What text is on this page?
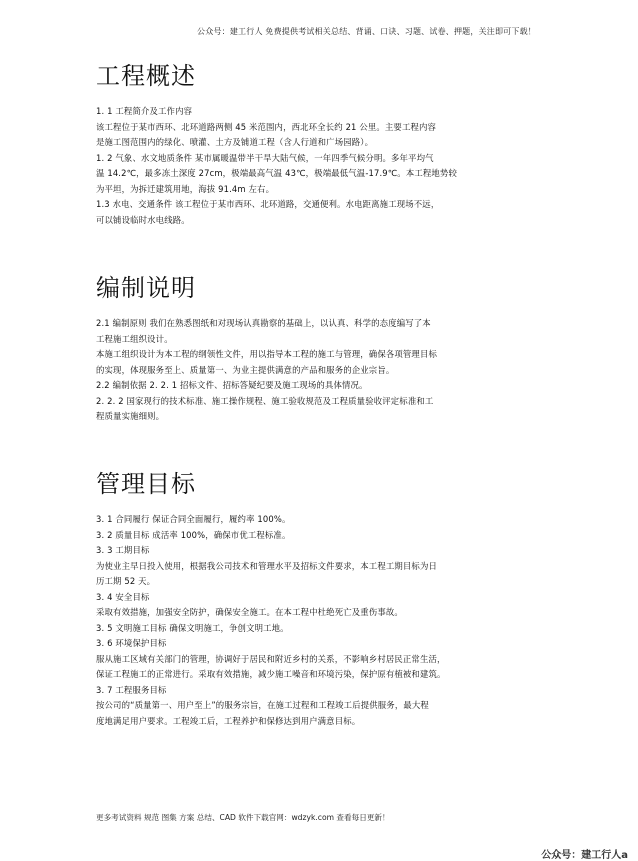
公众号：建工行人 免费提供考试相关总结、背诵、口诀、习题、试卷、押题，关注即可下载！
工程概述
1. 1 工程简介及工作内容
该工程位于某市西环、北环道路两侧 45 米范围内，西北环全长约 21 公里。主要工程内容
是施工图范围内的绿化、喷灌、土方及铺道工程（含人行道和广场园路）。
1. 2 气象、水文地质条件 某市属暖温带半干旱大陆气候，一年四季气候分明。多年平均气
温 14.2℃，最多冻土深度 27cm，极端最高气温 43℃，极端最低气温-17.9℃。本工程地势较
为平坦，为拆迁建筑用地，海拔 91.4m 左右。
1.3 水电、交通条件 该工程位于某市西环、北环道路，交通便利。水电距离施工现场不远，
可以铺设临时水电线路。
编制说明
2.1 编制原则 我们在熟悉图纸和对现场认真勘察的基础上，以认真、科学的态度编写了本
工程施工组织设计。
本施工组织设计为本工程的纲领性文件，用以指导本工程的施工与管理，确保各项管理目标
的实现，体现服务至上、质量第一、为业主提供满意的产品和服务的企业宗旨。
2.2 编制依据 2. 2. 1 招标文件、招标答疑纪要及施工现场的具体情况。
2. 2. 2 国家现行的技术标准、施工操作规程、施工验收规范及工程质量验收评定标准和工
程质量实施细则。
管理目标
3. 1 合同履行 保证合同全面履行，履约率 100%。
3. 2 质量目标 成活率 100%，确保市优工程标准。
3. 3 工期目标
为使业主早日投入使用，根据我公司技术和管理水平及招标文件要求，本工程工期目标为日
历工期 52 天。
3. 4 安全目标
采取有效措施，加强安全防护，确保安全施工。在本工程中杜绝死亡及重伤事故。
3. 5 文明施工目标 确保文明施工，争创文明工地。
3. 6 环境保护目标
服从施工区域有关部门的管理，协调好于居民和附近乡村的关系，不影响乡村居民正常生活，
保证工程施工的正常进行。采取有效措施，减少施工噪音和环境污染，保护原有植被和建筑。
3. 7 工程服务目标
按公司的“质量第一、用户至上”的服务宗旨，在施工过程和工程竣工后提供服务，最大程
度地满足用户要求。工程竣工后，工程养护和保修达到用户满意目标。
更多考试资料 规范 图集 方案 总结、CAD 软件下载官网：wdzyk.com 查看每日更新！
公众号：建工行人a
